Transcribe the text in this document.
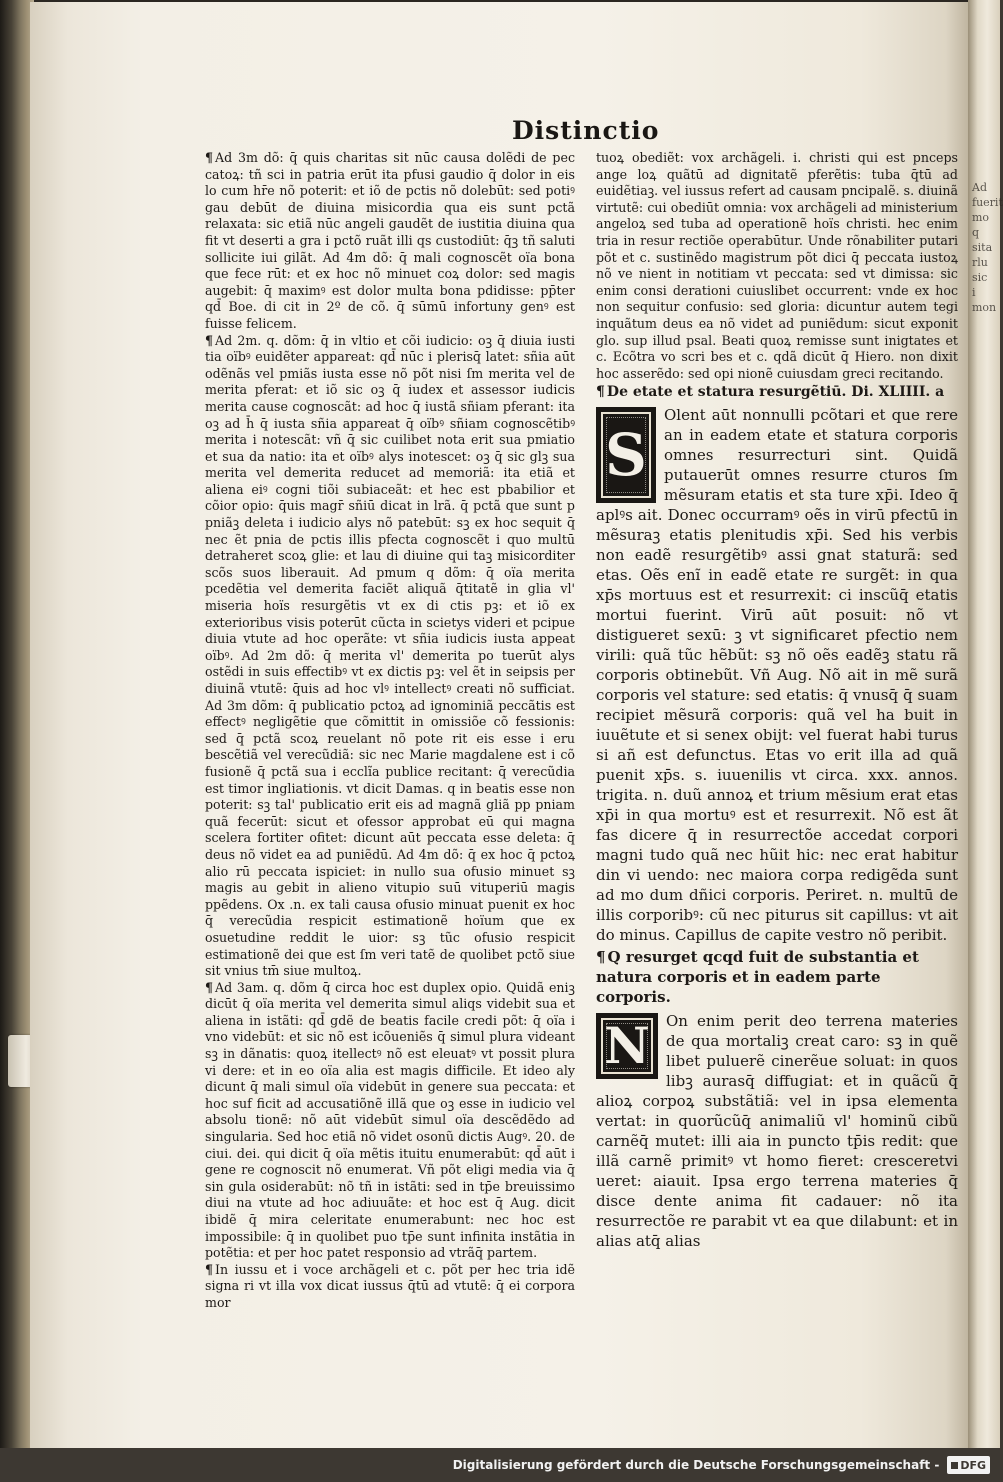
Ad
fuerit
mo
q
sita
rlu
sic
i
mon
Distinctio

¶ Ad 3m dõ: q̄ quis charitas sit nūc causa dolẽdi de pec catoꝝ: tñ sci in patria erūt ita pfusi gaudio q̄ dolor in eis lo cum hr̄e nõ poterit: et iõ de pctis nõ dolebūt: sed potiꝰ gau debūt de diuina misicordia qua eis sunt pctã relaxata: sic etiã nūc angeli gaudẽt de iustitia diuina qua fit vt deserti a gra i pctõ ruãt illi qs custodiūt: q̄ꝫ tñ saluti sollicite iui gilãt. Ad 4m dõ: q̄ mali cognoscẽt oïa bona que fece rūt: et ex hoc nõ minuet coꝝ dolor: sed magis augebit: q̄ maximꝰ est dolor multa bona pdidisse: pp̄ter qd̄ Boe. di cit in 2º de cõ. q̄ sūmū infortuny genꝰ est fuisse felicem.

¶ Ad 2m. q. dõm: q̄ in vltio et cõi iudicio: oꝫ q̄ diuia iusti tia oïbꝰ euidẽter appareat: qd̄ nūc i plerisq̄ latet: sñia aūt odẽnãs vel pmiãs iusta esse nõ põt nisi ſm merita vel de merita pferat: et iõ sic oꝫ q̄ iudex et assessor iudicis merita cause cognoscãt: ad hoc q̄ iustã sñiam pferant: ita oꝫ ad h̄ q̄ iusta sñia appareat q̄ oïbꝰ sñiam cognoscẽtibꝰ merita i notescãt: vñ q̄ sic cuilibet nota erit sua pmiatio et sua da natio: ita et oïbꝰ alys inotescet: oꝫ q̄ sic glꝫ sua merita vel demerita reducet ad memoriã: ita etiã et aliena eiꝰ cogni tiõi subiaceãt: et hec est pbabilior et cõior opio: q̄uis magr̄ sñiū dicat in lrã. q̄ pctã que sunt p pniãꝫ deleta i iudicio alys nõ patebūt: sꝫ ex hoc sequit q̄ nec ẽt pnia de pctis illis pfecta cognoscẽt i quo multū detraheret scoꝝ glie: et lau di diuine qui taꝫ misicorditer scõs suos liberauit. Ad pmum q dõm: q̄ oïa merita pcedẽtia vel demerita faciẽt aliquã q̄titatẽ in glia vl' miseria hoïs resurgẽtis vt ex di ctis pꝫ: et iõ ex exterioribus visis poterūt cũcta in scietys videri et pcipue diuia vtute ad hoc operãte: vt sñia iudicis iusta appeat oïbꝰ. Ad 2m dõ: q̄ merita vl' demerita po tuerūt alys ostẽdi in suis effectibꝰ vt ex dictis pꝫ: vel ẽt in seipsis per diuinã vtutẽ: q̄uis ad hoc vlꝰ intellectꝰ creati nõ sufficiat. Ad 3m dõm: q̄ publicatio pctoꝝ ad ignominiã peccãtis est effectꝰ negligẽtie que cõmittit in omissiõe cõ fessionis: sed q̄ pctã scoꝝ reuelant nõ pote rit eis esse i eru bescẽtiã vel verecũdiã: sic nec Marie magdalene est i cõ fusionẽ q̄ pctã sua i ecclĩa publice recitant: q̄ verecũdia est timor ingliationis. vt dicit Damas. q in beatis esse non poterit: sꝫ tal' publicatio erit eis ad magnã gliã pp pniam quã fecerūt: sicut et ofessor approbat eū qui magna scelera fortiter ofitet: dicunt aūt peccata esse deleta: q̄ deus nõ videt ea ad puniẽdū. Ad 4m dõ: q̄ ex hoc q̄ pctoꝝ alio rū peccata ispiciet: in nullo sua ofusio minuet sꝫ magis au gebit in alieno vitupio suū vituperiū magis ppẽdens. Ox .n. ex tali causa ofusio minuat puenit ex hoc q̄ verecũdia respicit estimationẽ hoïum que ex osuetudine reddit le uior: sꝫ tũc ofusio respicit estimationẽ dei que est ſm veri tatẽ de quolibet pctõ siue sit vnius tm̄ siue multoꝝ.

¶ Ad 3am. q. dõm q̄ circa hoc est duplex opio. Quidã eniꝫ dicūt q̄ oïa merita vel demerita simul aliqs videbit sua et aliena in istãti: qd̄ gdẽ de beatis facile credi põt: q̄ oïa i vno videbūt: et sic nõ est icõueniẽs q̄ simul plura videant sꝫ in dãnatis: quoꝝ itellectꝰ nõ est eleuatꝰ vt possit plura vi dere: et in eo oïa alia est magis difficile. Et ideo aly dicunt q̄ mali simul oïa videbūt in genere sua peccata: et hoc suf ficit ad accusatiõnẽ illã que oꝫ esse in iudicio vel absolu tionẽ: nõ aūt videbūt simul oïa descẽdẽdo ad singularia. Sed hoc etiã nõ videt osonũ dictis Augꝰ. 20. de ciui. dei. qui dicit q̄ oïa mẽtis ituitu enumerabūt: qd̄ aūt i gene re cognoscit nõ enumerat. Vñ põt eligi media via q̄ sin gula osiderabūt: nõ tñ in istãti: sed in tp̄e breuissimo diui na vtute ad hoc adiuuãte: et hoc est q̄ Aug. dicit ibidẽ q̄ mira celeritate enumerabunt: nec hoc est impossibile: q̄ in quolibet puo tp̄e sunt infinita instãtia in potẽtia: et per hoc patet responsio ad vtrãq̄ partem.

¶ In iussu et i voce archãgeli et c. põt per hec tria idẽ signa ri vt illa vox dicat iussus q̄tū ad vtutẽ: q̄ ei corpora mor

tuoꝝ obediẽt: vox archãgeli. i. christi qui est pnceps ange loꝝ quãtū ad dignitatẽ pferẽtis: tuba q̄tū ad euidẽtiaꝫ. vel iussus refert ad causam pncipalẽ. s. diuinã virtutẽ: cui obediūt omnia: vox archãgeli ad ministerium angeloꝝ sed tuba ad operationẽ hoïs christi. hec enim tria in resur rectiõe operabūtur. Unde rõnabiliter putari põt et c. sustinẽdo magistrum põt dici q̄ peccata iustoꝝ nõ ve nient in notitiam vt peccata: sed vt dimissa: sic enim consi derationi cuiuslibet occurrent: vnde ex hoc non sequitur confusio: sed gloria: dicuntur autem tegi inquãtum deus ea nõ videt ad puniẽdum: sicut exponit glo. sup illud psal. Beati quoꝝ remisse sunt inigtates et c. Ecõtra vo scri bes et c. qdã dicūt q̄ Hiero. non dixit hoc asserẽdo: sed opi nionẽ cuiusdam greci recitando.

¶ De etate et statura resurgẽtiū. Di. XLIIII. a
S

Olent aūt nonnulli pcõtari et que rere an in eadem etate et statura corporis omnes resurrecturi sint. Quidã putauerūt omnes resurre cturos ſm mẽsuram etatis et sta ture xp̄i. Ideo q̄ aplꝰs ait. Donec occurramꝰ oẽs in virū pfectū in mẽsuraꝫ etatis plenitudis xp̄i. Sed his verbis non eadẽ resurgẽtibꝰ assi gnat staturã: sed etas. Oẽs enĩ in eadẽ etate re surgẽt: in qua xp̄s mortuus est et resurrexit: ci inscũq̄ etatis mortui fuerint. Virū aūt posuit: nõ vt distigueret sexū: ꝫ vt significaret pfectio nem virili: quã tũc hẽbũt: sꝫ nõ oẽs eadẽꝫ statu rã corporis obtinebũt. Vñ Aug. Nõ ait in mẽ surã corporis vel stature: sed etatis: q̄ vnusq̄ q̄ suam recipiet mẽsurã corporis: quã vel ha buit in iuuẽtute et si senex obijt: vel fuerat habi turus si añ est defunctus. Etas vo erit illa ad quã puenit xp̄s. s. iuuenilis vt circa. xxx. annos. trigita. n. duũ annoꝝ et trium mẽsium erat etas xp̄i in qua mortuꝰ est et resurrexit. Nõ est ãt fas dicere q̄ in resurrectõe accedat corpori magni tudo quã nec hũit hic: nec erat habitur din vi uendo: nec maiora corpa redigẽda sunt ad mo dum dñici corporis. Periret. n. multū de illis corporibꝰ: cũ nec piturus sit capillus: vt ait do minus. Capillus de capite vestro nõ peribit.

¶ Q resurget qcqd fuit de substantia et natura corporis et in eadem parte corporis.
N	On enim perit deo terrena materies de qua mortaliꝫ creat caro: sꝫ in quẽ libet puluerẽ cinerẽue soluat: in quos libꝫ aurasq̄ diffugiat: et in quãcũ q̄ alioꝝ corpoꝝ substãtiã: vel in ipsa elementa vertat: in quorũcũq̄ animaliũ vl' hominũ cibũ carnẽq̄ mutet: illi aia in puncto tp̄is redit: que illã carnẽ primitꝰ vt homo fieret: cresceretvi ueret: aiauit. Ipsa ergo terrena materies q̄ disce dente anima fit cadauer: nõ ita resurrectõe re parabit vt ea que dilabunt: et in alias atq̄ alias

Digitalisierung gefördert durch die Deutsche Forschungsgemeinschaft - DFG
